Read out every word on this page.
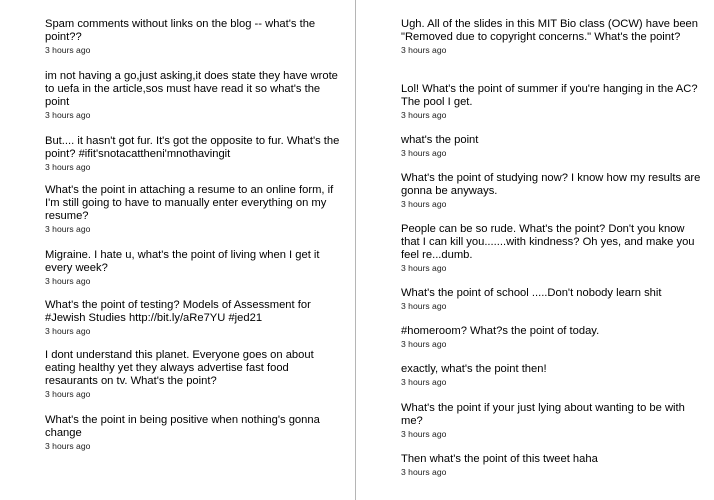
Spam comments without links on the blog -- what's the point??

3 hours ago

im not having a go,just asking,it does state they have wrote to uefa in the article,sos must have read it so what's the point

3 hours ago

But.... it hasn't got fur. It's got the opposite to fur. What's the point? #ifit'snotacattheni'mnothavingit

3 hours ago

What's the point in attaching a resume to an online form, if I'm still going to have to manually enter everything on my resume?

3 hours ago

Migraine. I hate u, what's the point of living when I get it every week?

3 hours ago

What's the point of testing? Models of Assessment for #Jewish Studies http://bit.ly/aRe7YU #jed21

3 hours ago

I dont understand this planet. Everyone goes on about eating healthy yet they always advertise fast food resaurants on tv. What's the point?

3 hours ago

What's the point in being positive when nothing's gonna change

3 hours ago

Ugh. All of the slides in this MIT Bio class (OCW) have been "Removed due to copyright concerns." What's the point?

3 hours ago

Lol! What's the point of summer if you're hanging in the AC? The pool I get.

3 hours ago

what's the point

3 hours ago

What's the point of studying now? I know how my results are gonna be anyways.

3 hours ago

People can be so rude. What's the point? Don't you know that I can kill you.......with kindness? Oh yes, and make you feel re...dumb.

3 hours ago

What's the point of school .....Don't nobody learn shit

3 hours ago

#homeroom? What?s the point of today.

3 hours ago

exactly, what's the point then!

3 hours ago

What's the point if your just lying about wanting to be with me?

3 hours ago

Then what's the point of this tweet haha

3 hours ago
